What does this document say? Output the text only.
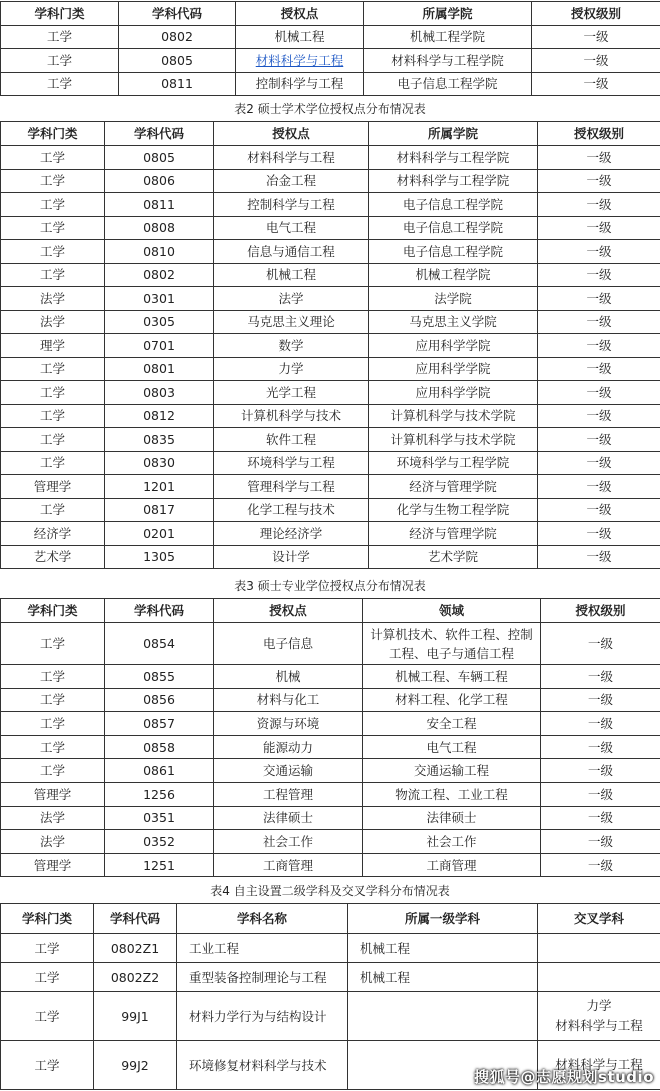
学科门类	学科代码	授权点	所属学院	授权级别
工学	0802	机械工程	机械工程学院	一级
工学	0805	材料科学与工程	材料科学与工程学院	一级
工学	0811	控制科学与工程	电子信息工程学院	一级
表2 硕士学术学位授权点分布情况表
学科门类	学科代码	授权点	所属学院	授权级别
工学	0805	材料科学与工程	材料科学与工程学院	一级
工学	0806	冶金工程	材料科学与工程学院	一级
工学	0811	控制科学与工程	电子信息工程学院	一级
工学	0808	电气工程	电子信息工程学院	一级
工学	0810	信息与通信工程	电子信息工程学院	一级
工学	0802	机械工程	机械工程学院	一级
法学	0301	法学	法学院	一级
法学	0305	马克思主义理论	马克思主义学院	一级
理学	0701	数学	应用科学学院	一级
工学	0801	力学	应用科学学院	一级
工学	0803	光学工程	应用科学学院	一级
工学	0812	计算机科学与技术	计算机科学与技术学院	一级
工学	0835	软件工程	计算机科学与技术学院	一级
工学	0830	环境科学与工程	环境科学与工程学院	一级
管理学	1201	管理科学与工程	经济与管理学院	一级
工学	0817	化学工程与技术	化学与生物工程学院	一级
经济学	0201	理论经济学	经济与管理学院	一级
艺术学	1305	设计学	艺术学院	一级
表3 硕士专业学位授权点分布情况表
学科门类	学科代码	授权点	领域	授权级别
工学	0854	电子信息	计算机技术、软件工程、控制工程、电子与通信工程	一级
工学	0855	机械	机械工程、车辆工程	一级
工学	0856	材料与化工	材料工程、化学工程	一级
工学	0857	资源与环境	安全工程	一级
工学	0858	能源动力	电气工程	一级
工学	0861	交通运输	交通运输工程	一级
管理学	1256	工程管理	物流工程、工业工程	一级
法学	0351	法律硕士	法律硕士	一级
法学	0352	社会工作	社会工作	一级
管理学	1251	工商管理	工商管理	一级
表4 自主设置二级学科及交叉学科分布情况表
学科门类	学科代码	学科名称	所属一级学科	交叉学科
工学	0802Z1	工业工程	机械工程	
工学	0802Z2	重型装备控制理论与工程	机械工程	
工学	99J1	材料力学行为与结构设计		力学
材料科学与工程
工学	99J2	环境修复材料科学与技术		材料科学与工程
搜狐号@志愿规划studio
